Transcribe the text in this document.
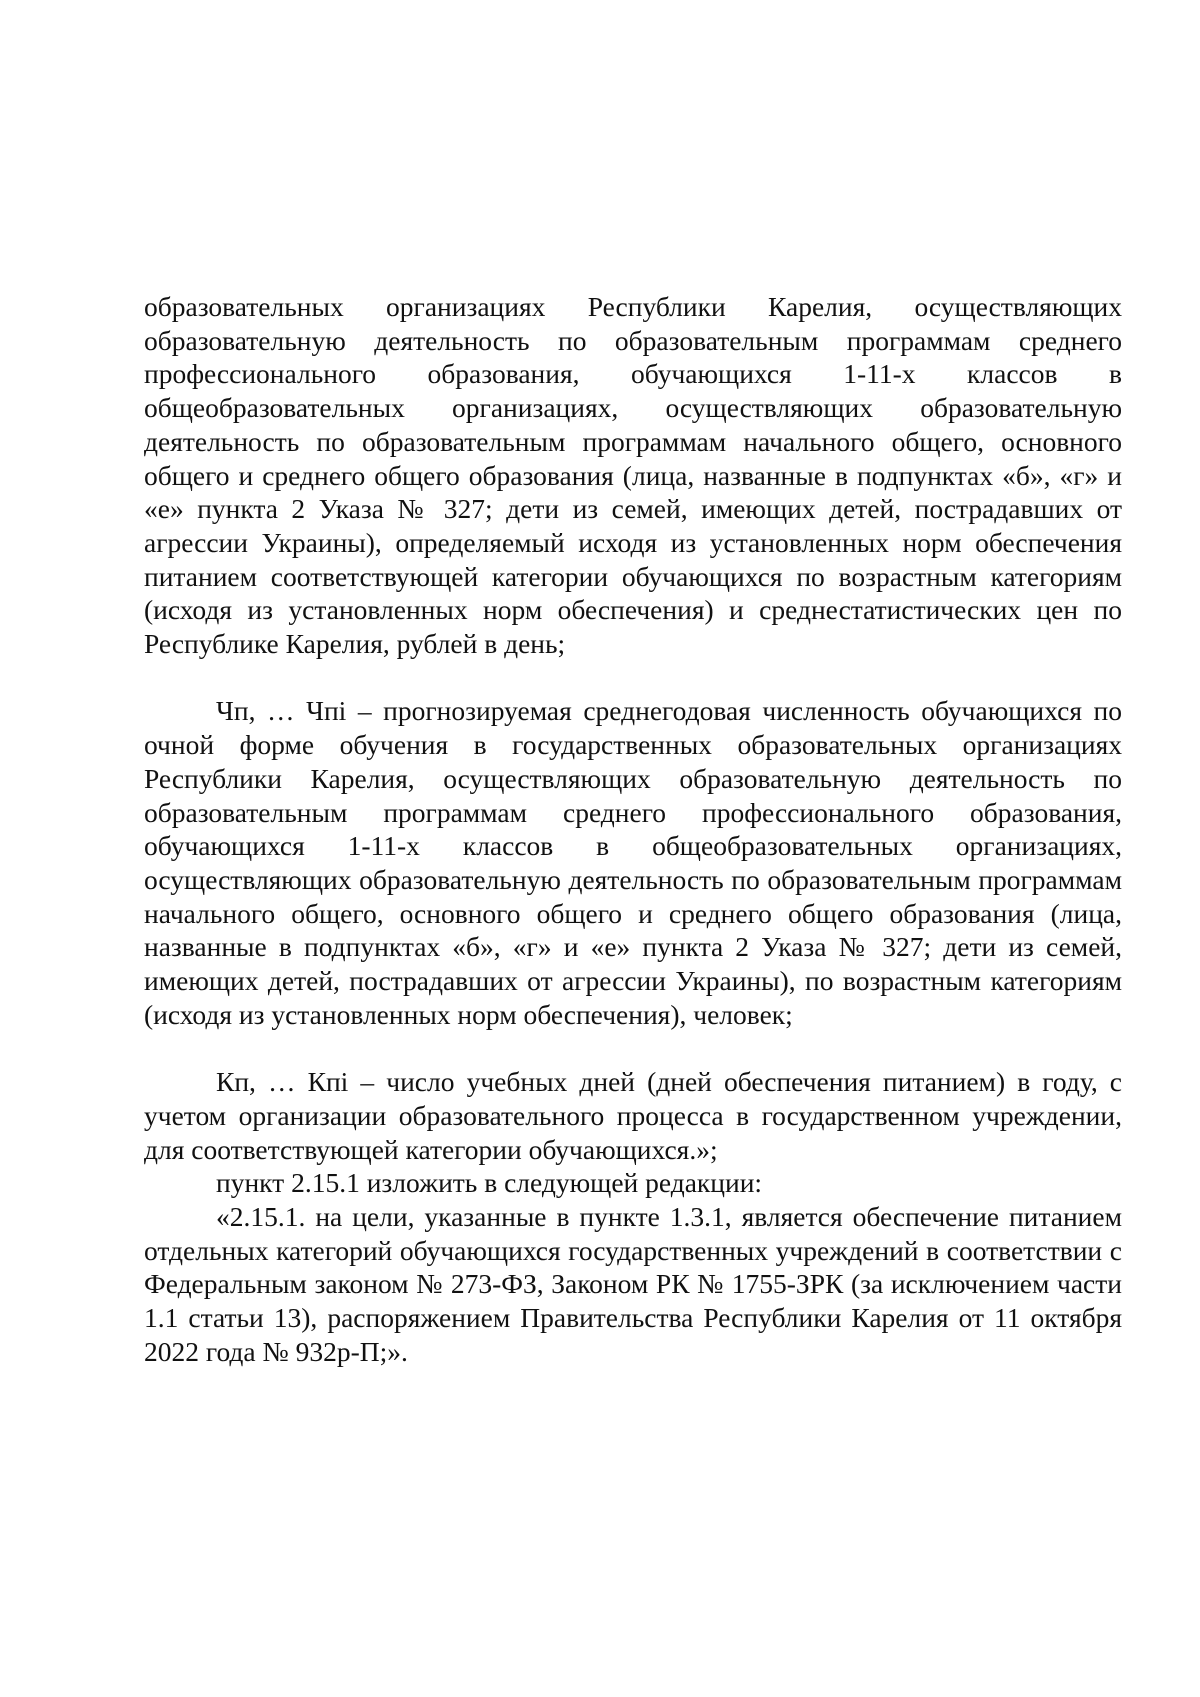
образовательных организациях Республики Карелия, осуществляющих образовательную деятельность по образовательным программам среднего профессионального образования, обучающихся 1-11-х классов в общеобразовательных организациях, осуществляющих образовательную деятельность по образовательным программам начального общего, основного общего и среднего общего образования (лица, названные в подпунктах «б», «г» и «е» пункта 2 Указа № 327; дети из семей, имеющих детей, пострадавших от агрессии Украины), определяемый исходя из установленных норм обеспечения питанием соответствующей категории обучающихся по возрастным категориям (исходя из установленных норм обеспечения) и среднестатистических цен по Республике Карелия, рублей в день;

Чп, … Чпi – прогнозируемая среднегодовая численность обучающихся по очной форме обучения в государственных образовательных организациях Республики Карелия, осуществляющих образовательную деятельность по образовательным программам среднего профессионального образования, обучающихся 1-11-х классов в общеобразовательных организациях, осуществляющих образовательную деятельность по образовательным программам начального общего, основного общего и среднего общего образования (лица, названные в подпунктах «б», «г» и «е» пункта 2 Указа № 327; дети из семей, имеющих детей, пострадавших от агрессии Украины), по возрастным категориям (исходя из установленных норм обеспечения), человек;

Кп, … Кпi – число учебных дней (дней обеспечения питанием) в году, с учетом организации образовательного процесса в государственном учреждении, для соответствующей категории обучающихся.»;

пункт 2.15.1 изложить в следующей редакции:

«2.15.1. на цели, указанные в пункте 1.3.1, является обеспечение питанием отдельных категорий обучающихся государственных учреждений в соответствии с Федеральным законом № 273-ФЗ, Законом РК № 1755-ЗРК (за исключением части 1.1 статьи 13), распоряжением Правительства Республики Карелия от 11 октября 2022 года № 932р-П;».
